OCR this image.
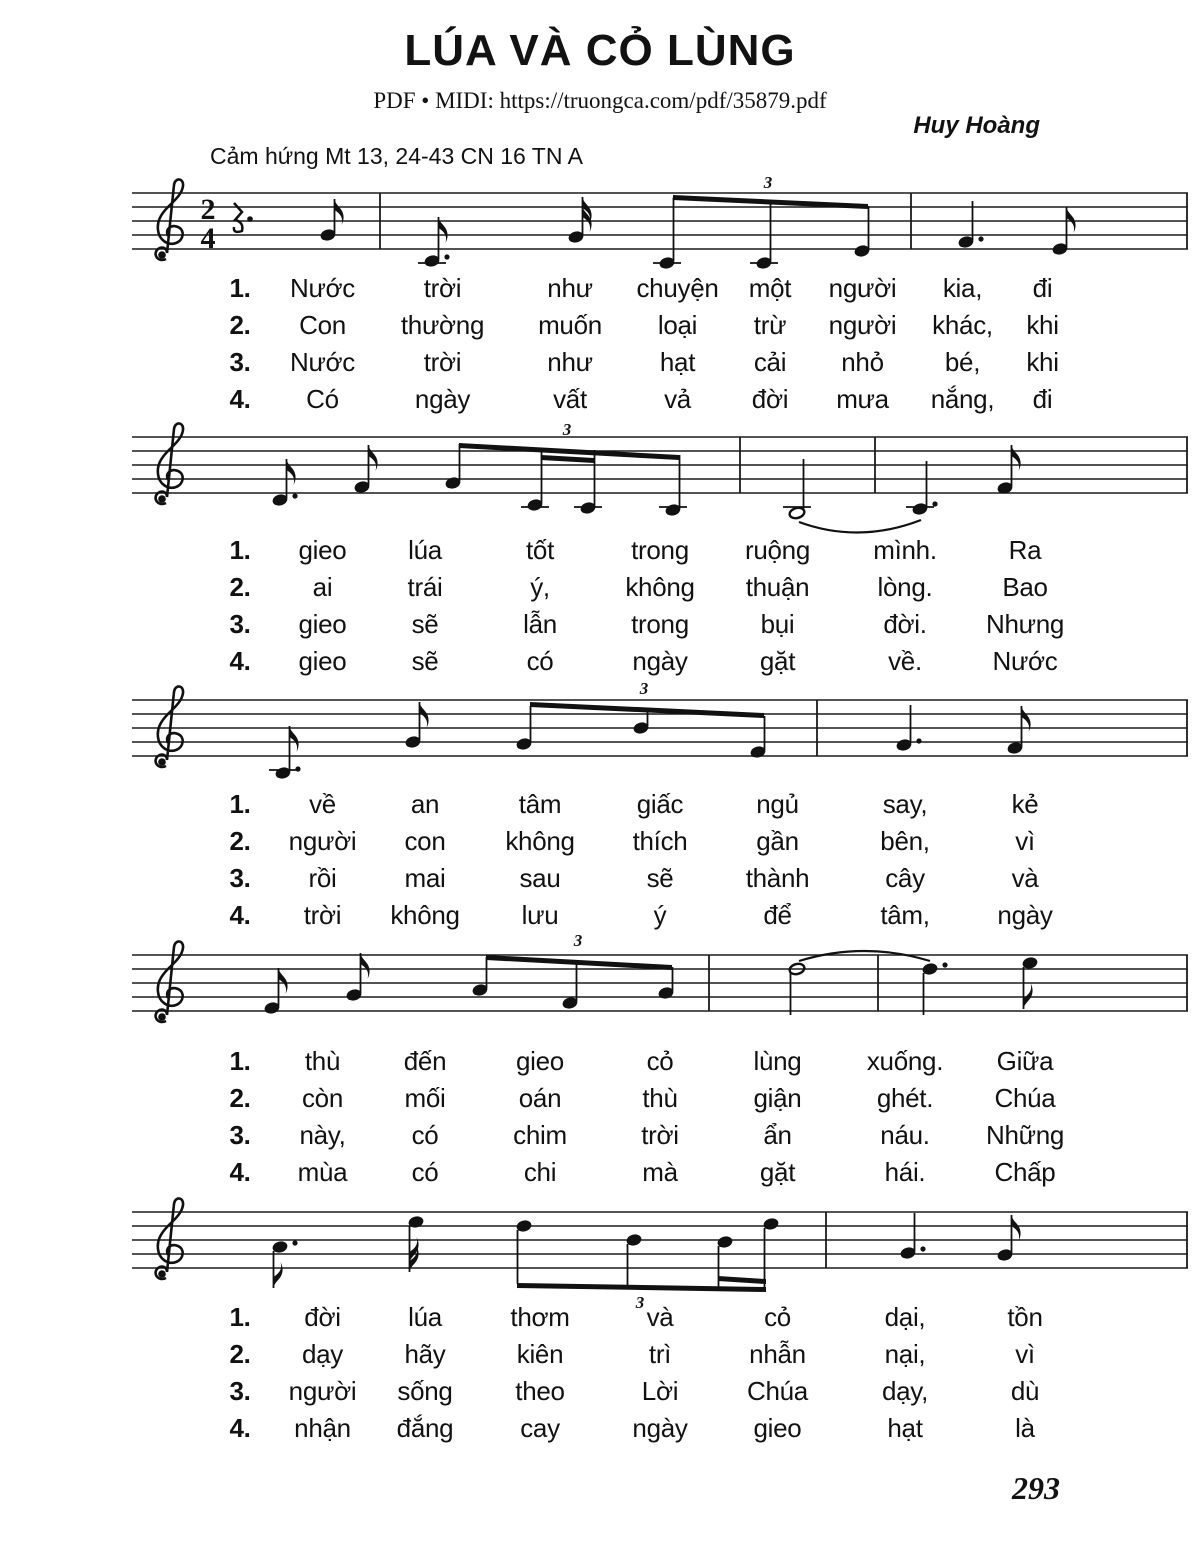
LÚA VÀ CỎ LÙNG
PDF • MIDI: https://truongca.com/pdf/35879.pdf
Huy Hoàng
Cảm hứng Mt 13, 24-43 CN 16 TN A
2
4
3
1.	Nước	trời	như	chuyện	một	người	kia,	đi
2.	Con	thường	muốn	loại	trừ	người	khác,	khi
3.	Nước	trời	như	hạt	cải	nhỏ	bé,	khi
4.	Có	ngày	vất	vả	đời	mưa	nắng,	đi
3
1.	gieo	lúa	tốt	trong	ruộng	mình.	Ra
2.	ai	trái	ý,	không	thuận	lòng.	Bao
3.	gieo	sẽ	lẫn	trong	bụi	đời.	Nhưng
4.	gieo	sẽ	có	ngày	gặt	về.	Nước
3
1.	về	an	tâm	giấc	ngủ	say,	kẻ
2.	người	con	không	thích	gần	bên,	vì
3.	rồi	mai	sau	sẽ	thành	cây	và
4.	trời	không	lưu	ý	để	tâm,	ngày
3
1.	thù	đến	gieo	cỏ	lùng	xuống.	Giữa
2.	còn	mối	oán	thù	giận	ghét.	Chúa
3.	này,	có	chim	trời	ẩn	náu.	Những
4.	mùa	có	chi	mà	gặt	hái.	Chấp
3
1.	đời	lúa	thơm	và	cỏ	dại,	tồn
2.	dạy	hãy	kiên	trì	nhẫn	nại,	vì
3.	người	sống	theo	Lời	Chúa	dạy,	dù
4.	nhận	đắng	cay	ngày	gieo	hạt	là
293
